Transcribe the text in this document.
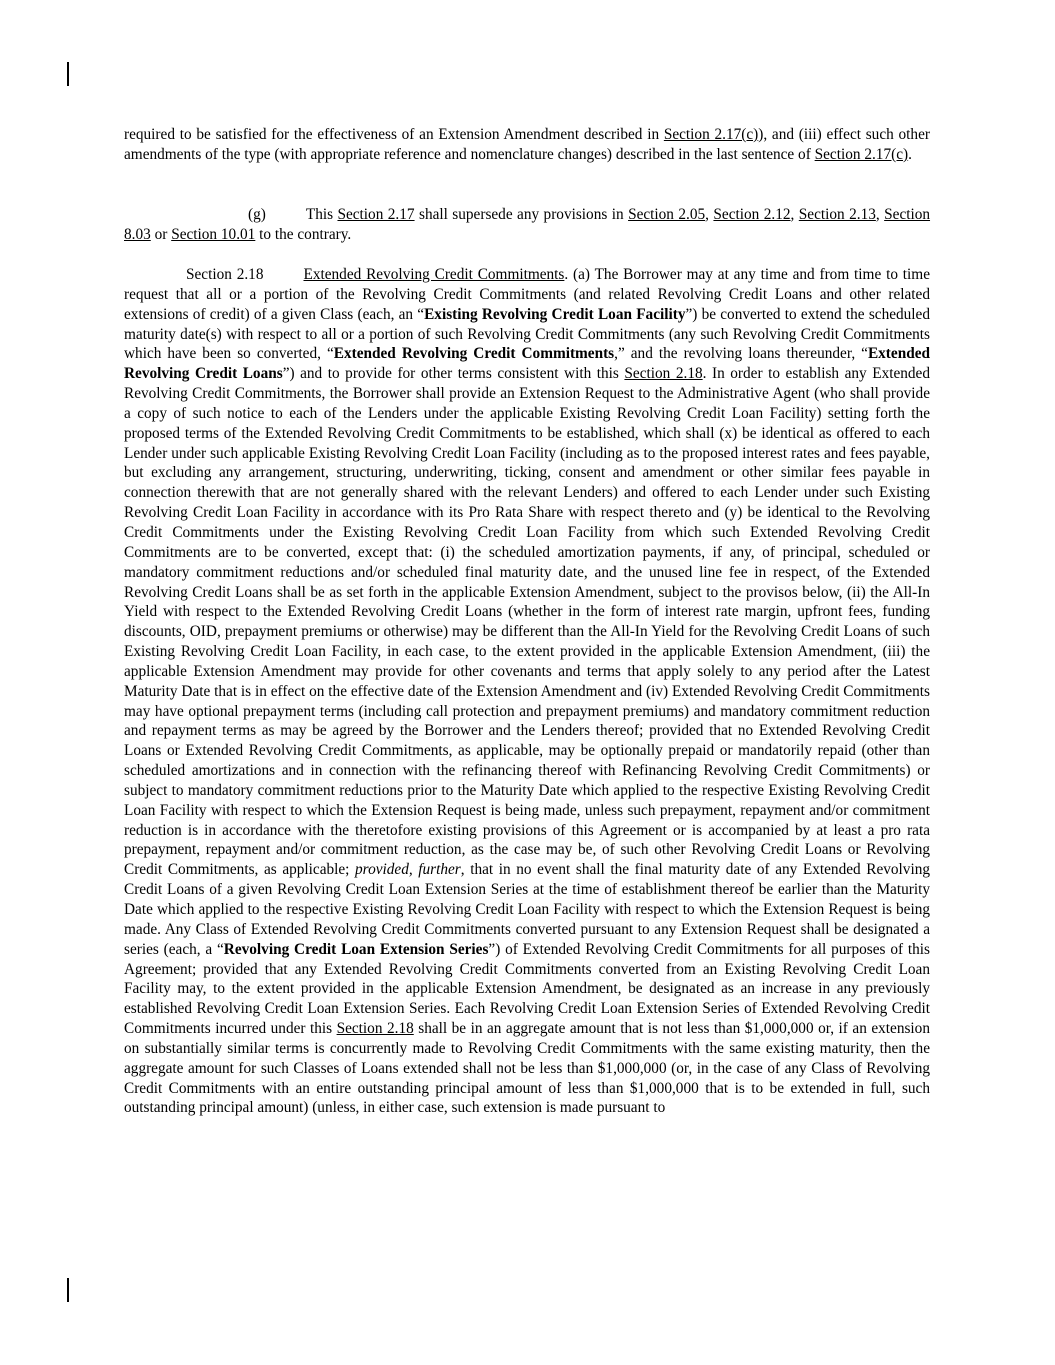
required to be satisfied for the effectiveness of an Extension Amendment described in Section 2.17(c)), and (iii) effect such other amendments of the type (with appropriate reference and nomenclature changes) described in the last sentence of Section 2.17(c).

(g)	This Section 2.17 shall supersede any provisions in Section 2.05, Section 2.12, Section 2.13, Section 8.03 or Section 10.01 to the contrary.

Section 2.18	Extended Revolving Credit Commitments. (a) The Borrower may at any time and from time to time request that all or a portion of the Revolving Credit Commitments (and related Revolving Credit Loans and other related extensions of credit) of a given Class (each, an “Existing Revolving Credit Loan Facility”) be converted to extend the scheduled maturity date(s) with respect to all or a portion of such Revolving Credit Commitments (any such Revolving Credit Commitments which have been so converted, “Extended Revolving Credit Commitments,” and the revolving loans thereunder, “Extended Revolving Credit Loans”) and to provide for other terms consistent with this Section 2.18. In order to establish any Extended Revolving Credit Commitments, the Borrower shall provide an Extension Request to the Administrative Agent (who shall provide a copy of such notice to each of the Lenders under the applicable Existing Revolving Credit Loan Facility) setting forth the proposed terms of the Extended Revolving Credit Commitments to be established, which shall (x) be identical as offered to each Lender under such applicable Existing Revolving Credit Loan Facility (including as to the proposed interest rates and fees payable, but excluding any arrangement, structuring, underwriting, ticking, consent and amendment or other similar fees payable in connection therewith that are not generally shared with the relevant Lenders) and offered to each Lender under such Existing Revolving Credit Loan Facility in accordance with its Pro Rata Share with respect thereto and (y) be identical to the Revolving Credit Commitments under the Existing Revolving Credit Loan Facility from which such Extended Revolving Credit Commitments are to be converted, except that: (i) the scheduled amortization payments, if any, of principal, scheduled or mandatory commitment reductions and/or scheduled final maturity date, and the unused line fee in respect, of the Extended Revolving Credit Loans shall be as set forth in the applicable Extension Amendment, subject to the provisos below, (ii) the All-In Yield with respect to the Extended Revolving Credit Loans (whether in the form of interest rate margin, upfront fees, funding discounts, OID, prepayment premiums or otherwise) may be different than the All-In Yield for the Revolving Credit Loans of such Existing Revolving Credit Loan Facility, in each case, to the extent provided in the applicable Extension Amendment, (iii) the applicable Extension Amendment may provide for other covenants and terms that apply solely to any period after the Latest Maturity Date that is in effect on the effective date of the Extension Amendment and (iv) Extended Revolving Credit Commitments may have optional prepayment terms (including call protection and prepayment premiums) and mandatory commitment reduction and repayment terms as may be agreed by the Borrower and the Lenders thereof; provided that no Extended Revolving Credit Loans or Extended Revolving Credit Commitments, as applicable, may be optionally prepaid or mandatorily repaid (other than scheduled amortizations and in connection with the refinancing thereof with Refinancing Revolving Credit Commitments) or subject to mandatory commitment reductions prior to the Maturity Date which applied to the respective Existing Revolving Credit Loan Facility with respect to which the Extension Request is being made, unless such prepayment, repayment and/or commitment reduction is in accordance with the theretofore existing provisions of this Agreement or is accompanied by at least a pro rata prepayment, repayment and/or commitment reduction, as the case may be, of such other Revolving Credit Loans or Revolving Credit Commitments, as applicable; provided, further, that in no event shall the final maturity date of any Extended Revolving Credit Loans of a given Revolving Credit Loan Extension Series at the time of establishment thereof be earlier than the Maturity Date which applied to the respective Existing Revolving Credit Loan Facility with respect to which the Extension Request is being made. Any Class of Extended Revolving Credit Commitments converted pursuant to any Extension Request shall be designated a series (each, a “Revolving Credit Loan Extension Series”) of Extended Revolving Credit Commitments for all purposes of this Agreement; provided that any Extended Revolving Credit Commitments converted from an Existing Revolving Credit Loan Facility may, to the extent provided in the applicable Extension Amendment, be designated as an increase in any previously established Revolving Credit Loan Extension Series. Each Revolving Credit Loan Extension Series of Extended Revolving Credit Commitments incurred under this Section 2.18 shall be in an aggregate amount that is not less than $1,000,000 or, if an extension on substantially similar terms is concurrently made to Revolving Credit Commitments with the same existing maturity, then the aggregate amount for such Classes of Loans extended shall not be less than $1,000,000 (or, in the case of any Class of Revolving Credit Commitments with an entire outstanding principal amount of less than $1,000,000 that is to be extended in full, such outstanding principal amount) (unless, in either case, such extension is made pursuant to
